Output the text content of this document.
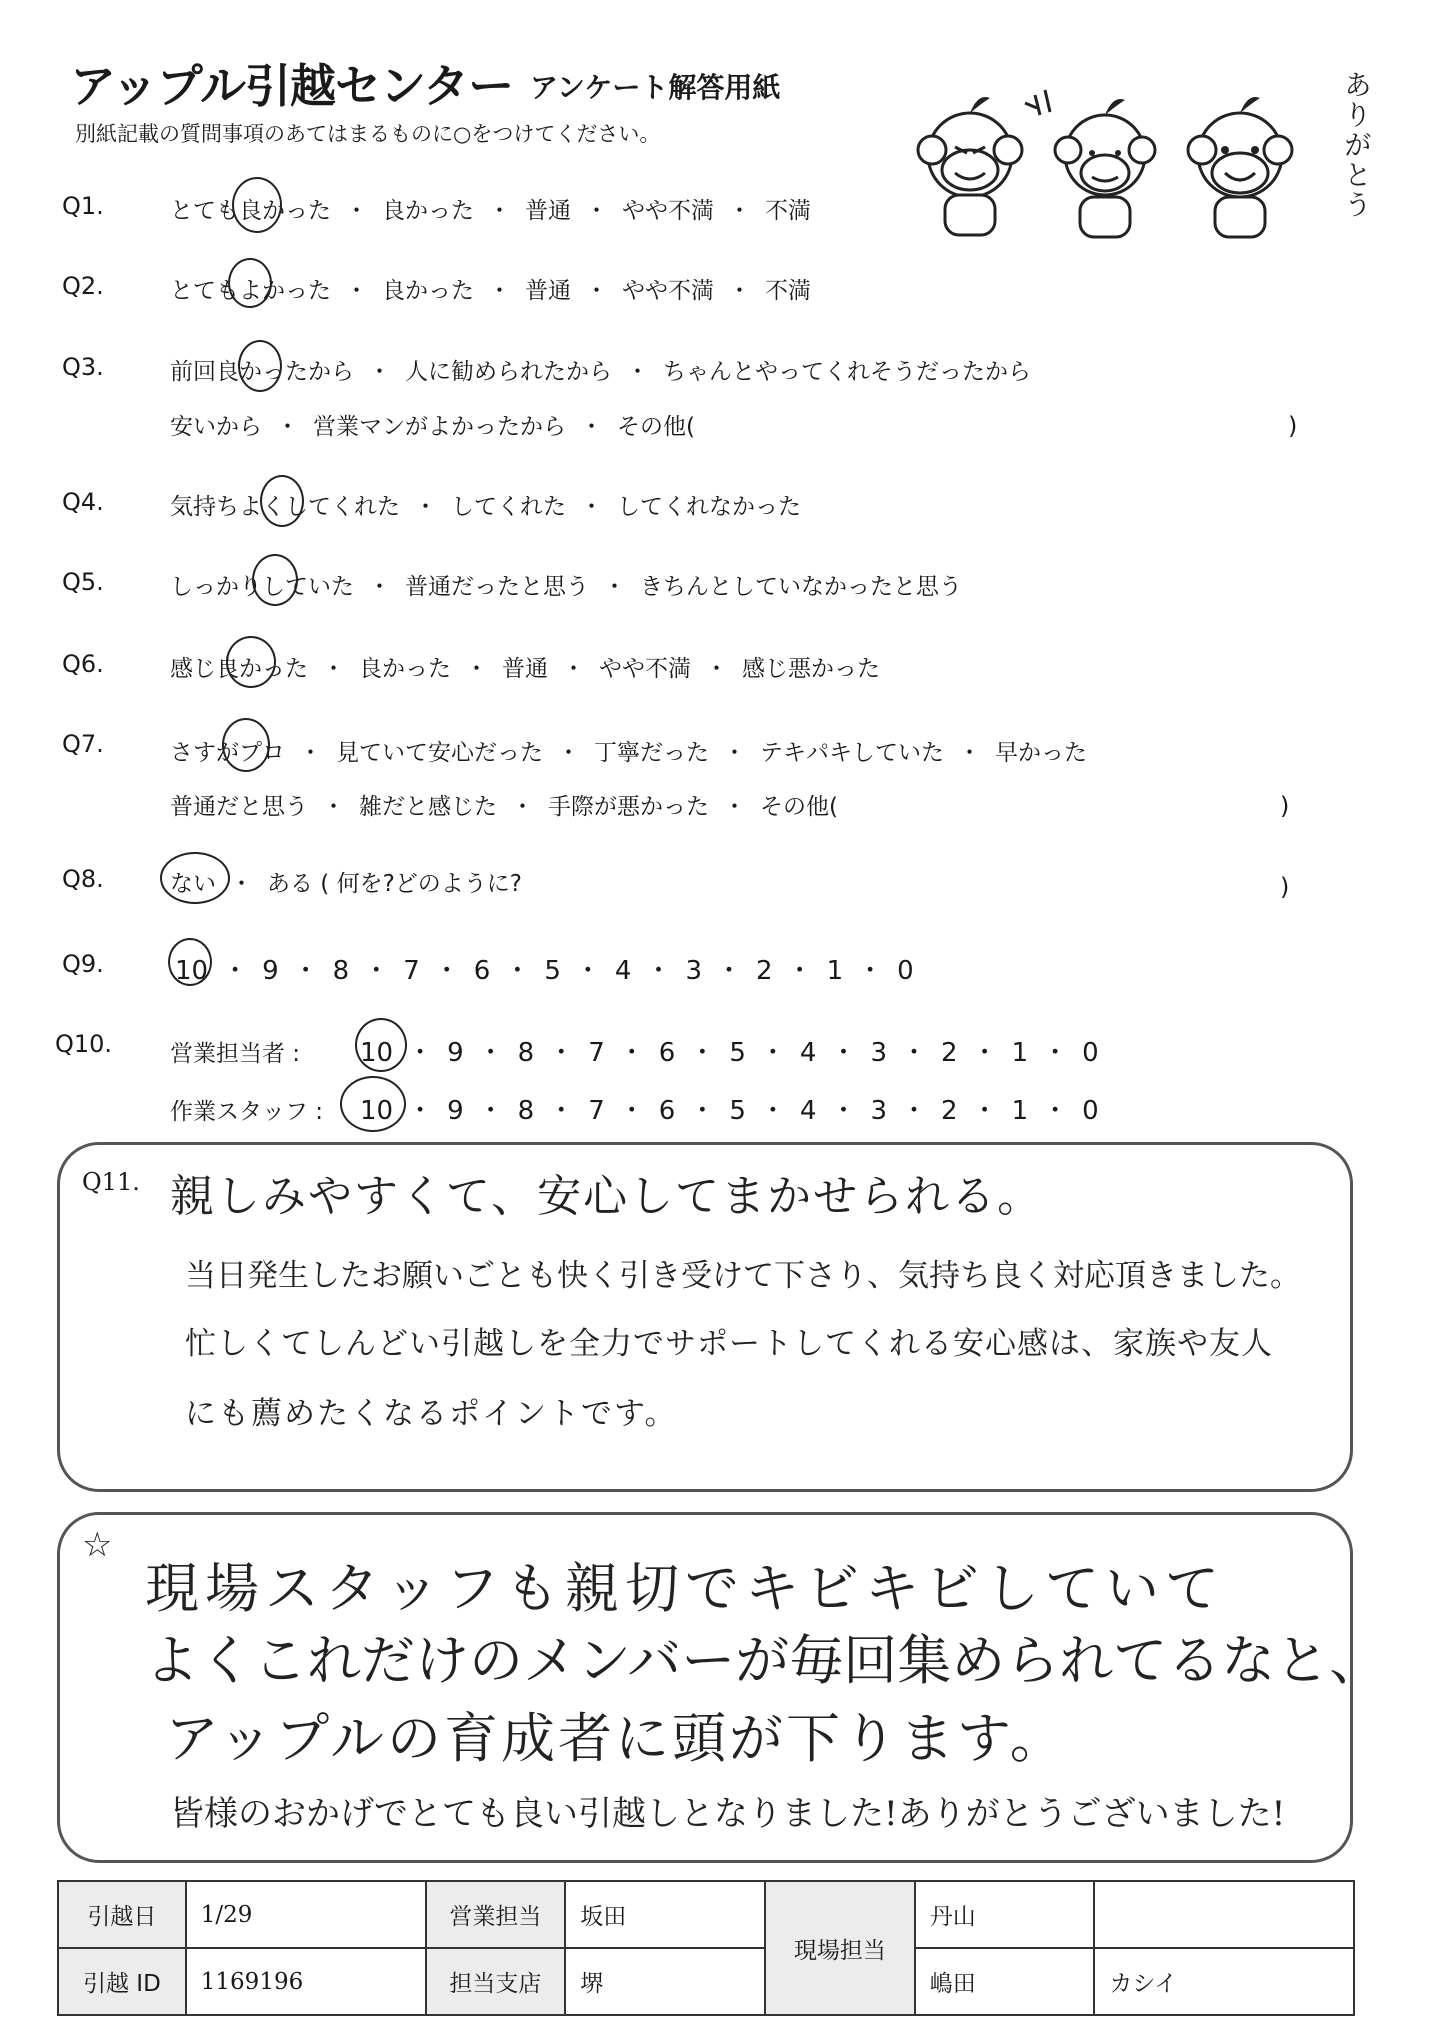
アップル引越センター アンケート解答用紙
別紙記載の質問事項のあてはまるものに○をつけてください。	ありがとう
Q1.	とても良かった ・ 良かった ・ 普通 ・ やや不満 ・ 不満
Q2.	とてもよかった ・ 良かった ・ 普通 ・ やや不満 ・ 不満
Q3.	前回良かったから ・ 人に勧められたから ・ ちゃんとやってくれそうだったから
安いから ・ 営業マンがよかったから ・ その他(	)
Q4.	気持ちよくしてくれた ・ してくれた ・ してくれなかった
Q5.	しっかりしていた ・ 普通だったと思う ・ きちんとしていなかったと思う
Q6.	感じ良かった ・ 良かった ・ 普通 ・ やや不満 ・ 感じ悪かった
Q7.	さすがプロ ・ 見ていて安心だった ・ 丁寧だった ・ テキパキしていた ・ 早かった
普通だと思う ・ 雑だと感じた ・ 手際が悪かった ・ その他(	)
Q8.	ない ・ ある ( 何を?どのように?	)
Q9.	10 ・ 9 ・ 8 ・ 7 ・ 6 ・ 5 ・ 4 ・ 3 ・ 2 ・ 1 ・ 0
Q10.	営業担当者 : 10 ・ 9 ・ 8 ・ 7 ・ 6 ・ 5 ・ 4 ・ 3 ・ 2 ・ 1 ・ 0
作業スタッフ : 10 ・ 9 ・ 8 ・ 7 ・ 6 ・ 5 ・ 4 ・ 3 ・ 2 ・ 1 ・ 0
Q11. 親しみやすくて、安心してまかせられる。
当日発生したお願いごとも快く引き受けて下さり、気持ち良く対応頂きました。
忙しくてしんどい引越しを全力でサポートしてくれる安心感は、家族や友人
にも薦めたくなるポイントです。
☆
現場スタッフも親切でキビキビしていて
よくこれだけのメンバーが毎回集められてるなと、
アップルの育成者に頭が下ります。
皆様のおかげでとても良い引越しとなりました!ありがとうございました!
引越日	1/29	営業担当	坂田	現場担当	丹山	
引越 ID	1169196	担当支店	堺		嶋田	カシイ
